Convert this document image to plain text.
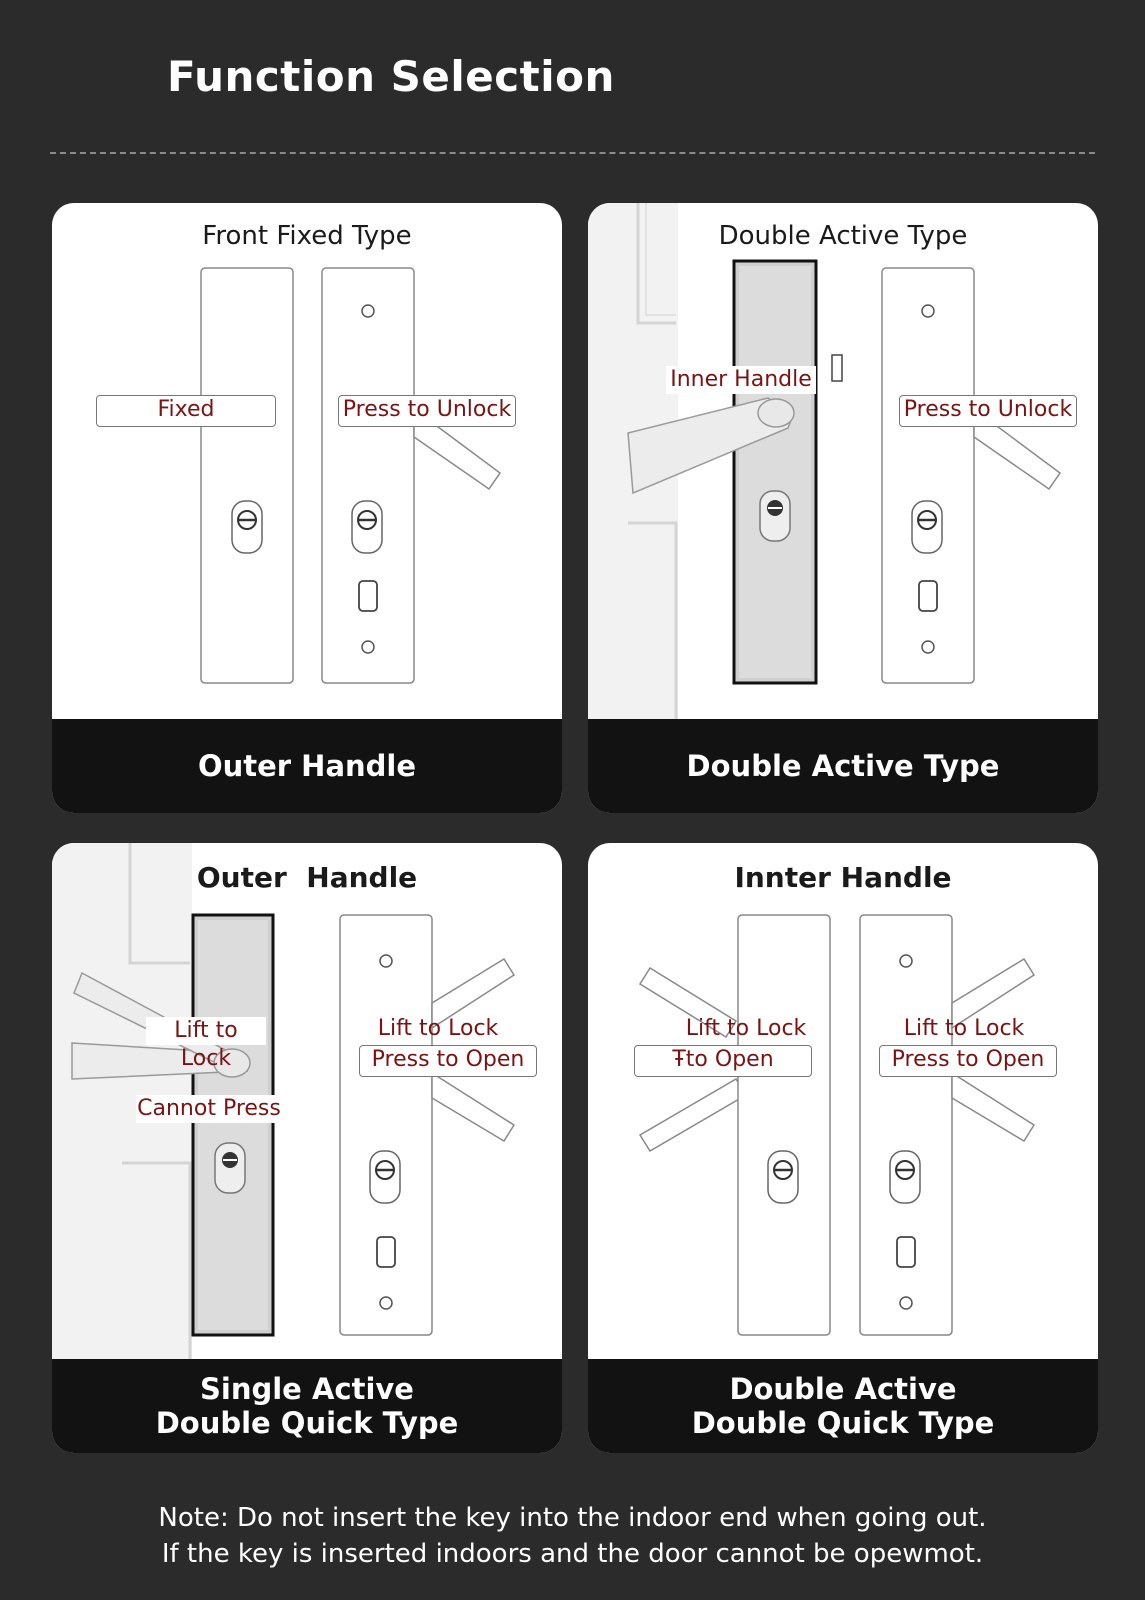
Function Selection
Front Fixed Type
Fixed	Press to Unlock
Outer Handle
Double Active Type
Inner Handle
Press to Unlock
Double Active Type
Outer  Handle
Lift to Lock
Cannot Press
Lift to Lock
Press to Open
Single Active Double Quick Type
Innter Handle
Lift to Lock
Ŧto Open
Lift to Lock
Press to Open
Double Active Double Quick Type
Note: Do not insert the key into the indoor end when going out.
If the key is inserted indoors and the door cannot be opewmot.
